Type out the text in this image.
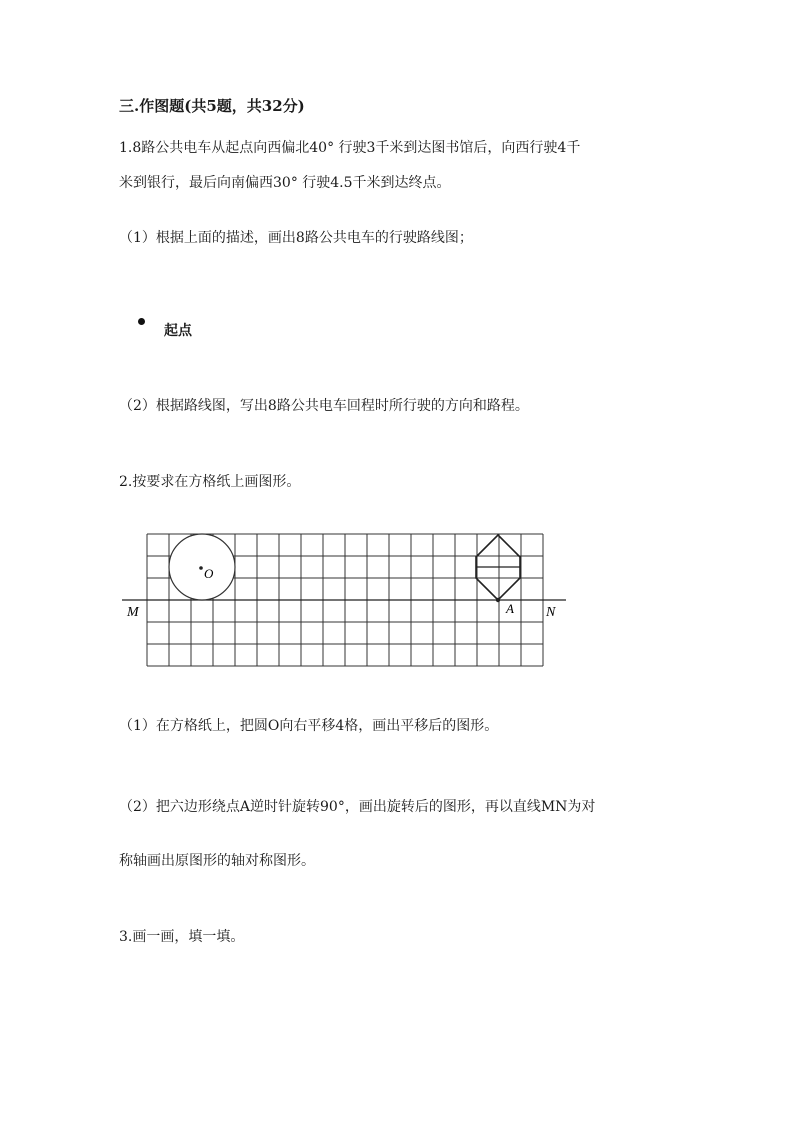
三.作图题(共5题，共32分)
1.8路公共电车从起点向西偏北40° 行驶3千米到达图书馆后，向西行驶4千
米到银行，最后向南偏西30° 行驶4.5千米到达终点。
（1）根据上面的描述，画出8路公共电车的行驶路线图；
起点
（2）根据路线图，写出8路公共电车回程时所行驶的方向和路程。
2.按要求在方格纸上画图形。
M	N
O
A
（1）在方格纸上，把圆O向右平移4格，画出平移后的图形。
（2）把六边形绕点A逆时针旋转90°，画出旋转后的图形，再以直线MN为对
称轴画出原图形的轴对称图形。
3.画一画，填一填。
